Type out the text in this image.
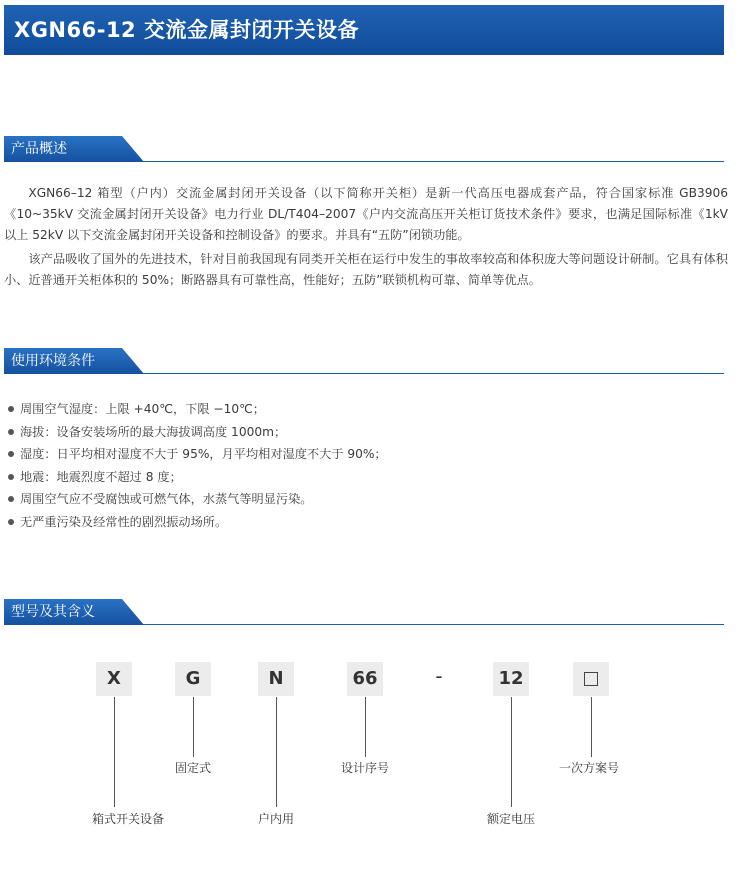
XGN66-12 交流金属封闭开关设备
产品概述

XGN66–12 箱型（户内）交流金属封闭开关设备（以下简称开关柜）是新一代高压电器成套产品，符合国家标准 GB3906《10~35kV 交流金属封闭开关设备》电力行业 DL/T404–2007《户内交流高压开关柜订货技术条件》要求，也满足国际标准《1kV 以上 52kV 以下交流金属封闭开关设备和控制设备》的要求。并具有“五防”闭锁功能。

该产品吸收了国外的先进技术，针对目前我国现有同类开关柜在运行中发生的事故率较高和体积庞大等问题设计研制。它具有体积小、近普通开关柜体积的 50%；断路器具有可靠性高，性能好；五防”联锁机构可靠、简单等优点。

使用环境条件
周围空气湿度：上限 +40℃，下限 −10℃；
海拔：设备安装场所的最大海拔调高度 1000m；
湿度：日平均相对湿度不大于 95%，月平均相对湿度不大于 90%；
地震：地震烈度不超过 8 度；
周围空气应不受腐蚀或可燃气体，水蒸气等明显污染。
无严重污染及经常性的剧烈振动场所。
型号及其含义
X	G	N	66	-	12
箱式开关设备
固定式
户内用
设计序号
额定电压
一次方案号
